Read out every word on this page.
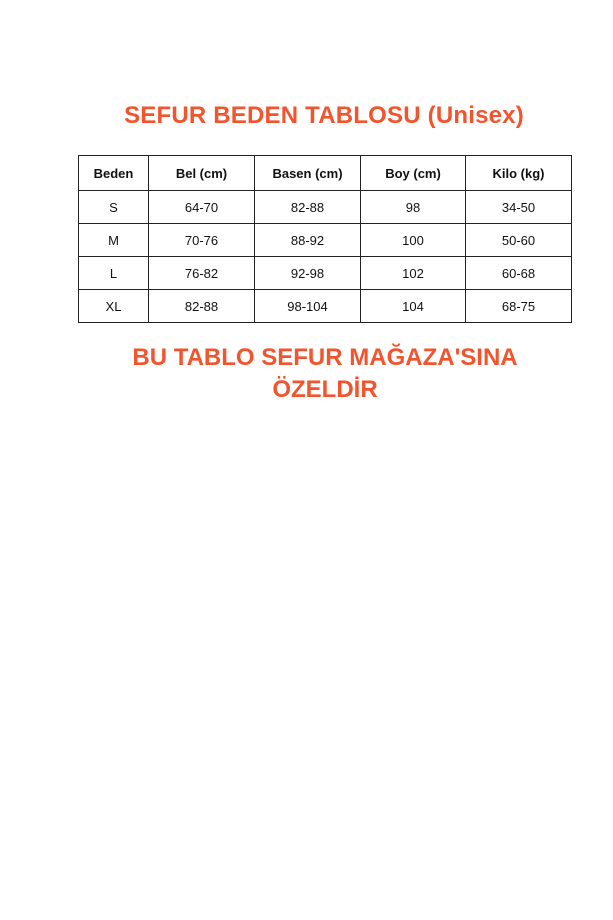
SEFUR BEDEN TABLOSU (Unisex)
Beden	Bel (cm)	Basen (cm)	Boy (cm)	Kilo (kg)
S	64-70	82-88	98	34-50
M	70-76	88-92	100	50-60
L	76-82	92-98	102	60-68
XL	82-88	98-104	104	68-75
BU TABLO SEFUR MAĞAZA'SINA
ÖZELDİR
